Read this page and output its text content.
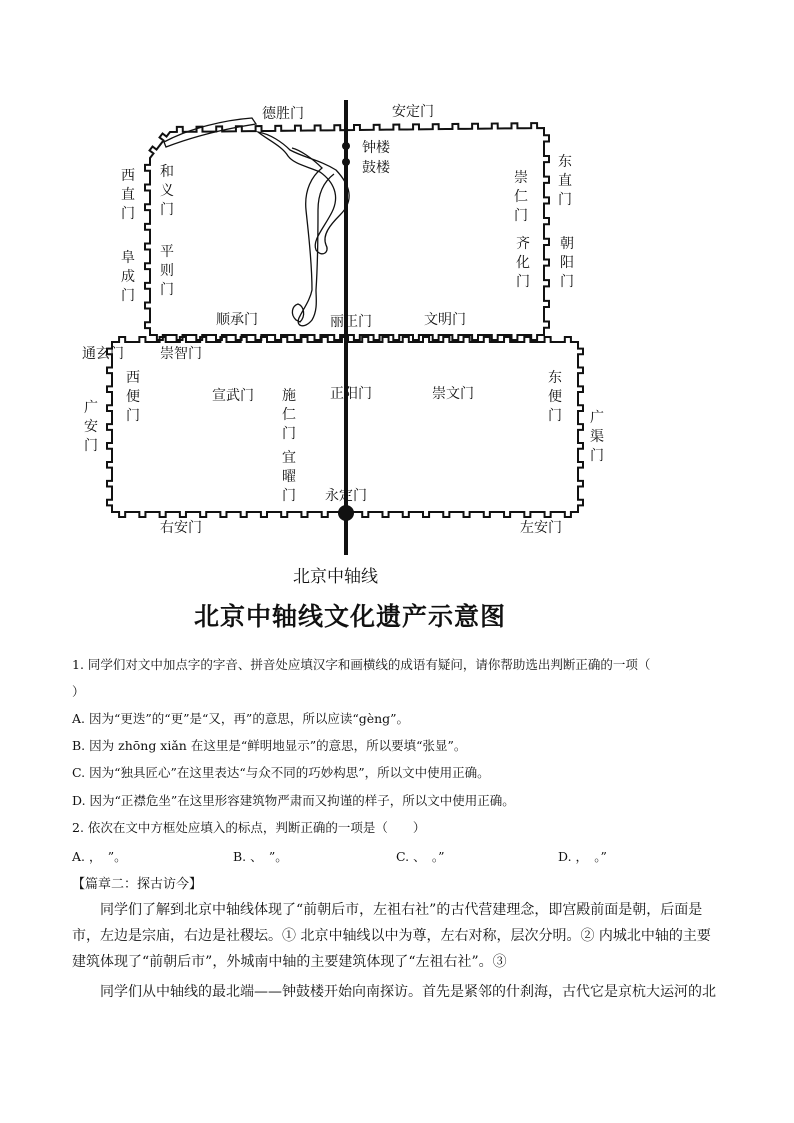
德胜门	安定门
钟楼
鼓楼
顺承门	丽正门	文明门
通玄门	崇智门
宣武门	正阳门	崇文门
永定门
右安门	左安门
北京中轴线
西
直
门
和
义
门
阜
成
门
平
则
门
东
直
门
崇
仁
门
朝
阳
门
齐
化
门
西
便
门
广
安
门
施
仁
门
宜
曜
门
东
便
门 广
渠
门
北京中轴线文化遗产示意图
1. 同学们对文中加点字的字音、拼音处应填汉字和画横线的成语有疑问，请你帮助选出判断正确的一项（
）
A. 因为“更迭”的“更”是“又，再”的意思，所以应读“gèng”。
B. 因为 zhōng xiǎn 在这里是“鲜明地显示”的意思，所以要填“张显”。
C. 因为“独具匠心”在这里表达“与众不同的巧妙构思”，所以文中使用正确。
D. 因为“正襟危坐”在这里形容建筑物严肃而又拘谨的样子，所以文中使用正确。
2. 依次在文中方框处应填入的标点，判断正确的一项是（　　）
A. ，　”。	B. 、　”。	C. 、　。”	D. ，　。”
【篇章二：探古访今】
同学们了解到北京中轴线体现了“前朝后市，左祖右社”的古代营建理念，即宫殿前面是朝，后面是市，左边是宗庙，右边是社稷坛。① 北京中轴线以中为尊，左右对称，层次分明。② 内城北中轴的主要建筑体现了“前朝后市”，外城南中轴的主要建筑体现了“左祖右社”。③
同学们从中轴线的最北端——钟鼓楼开始向南探访。首先是紧邻的什刹海，古代它是京杭大运河的北
